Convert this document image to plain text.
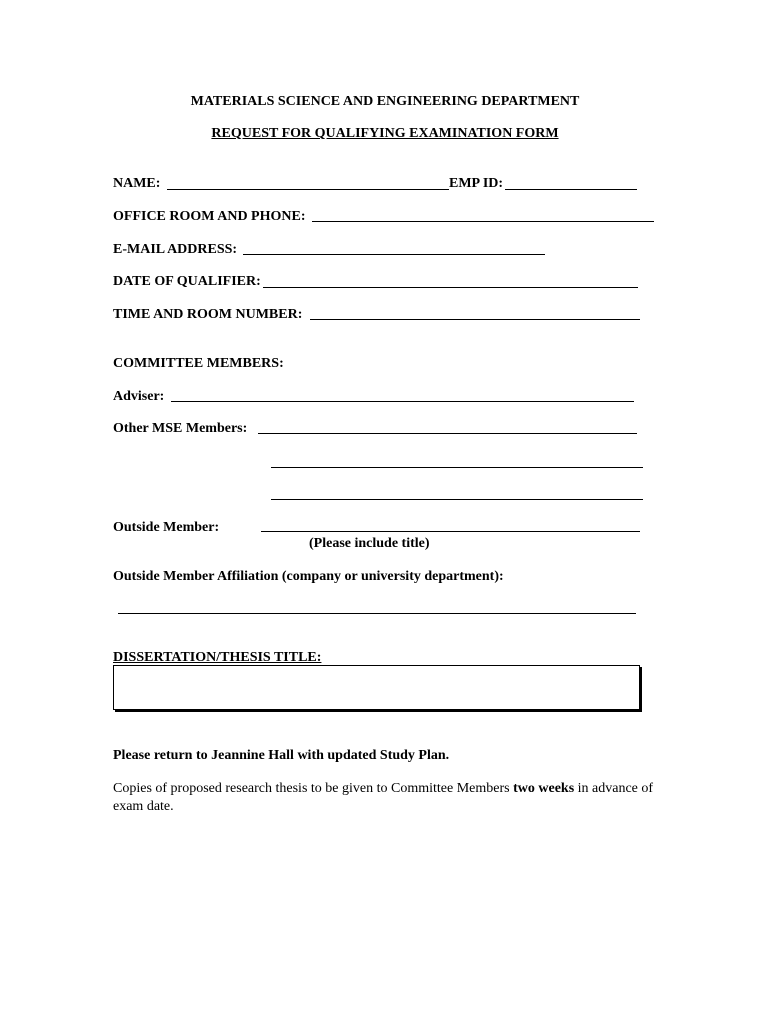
MATERIALS SCIENCE AND ENGINEERING DEPARTMENT
REQUEST FOR QUALIFYING EXAMINATION FORM
NAME:	EMP ID:
OFFICE ROOM AND PHONE:
E-MAIL ADDRESS:
DATE OF QUALIFIER:
TIME AND ROOM NUMBER:
COMMITTEE MEMBERS:
Adviser:
Other MSE Members:
Outside Member:
(Please include title)
Outside Member Affiliation (company or university department):
DISSERTATION/THESIS TITLE:
Please return to Jeannine Hall with updated Study Plan.
Copies of proposed research thesis to be given to Committee Members two weeks in advance of exam date.
